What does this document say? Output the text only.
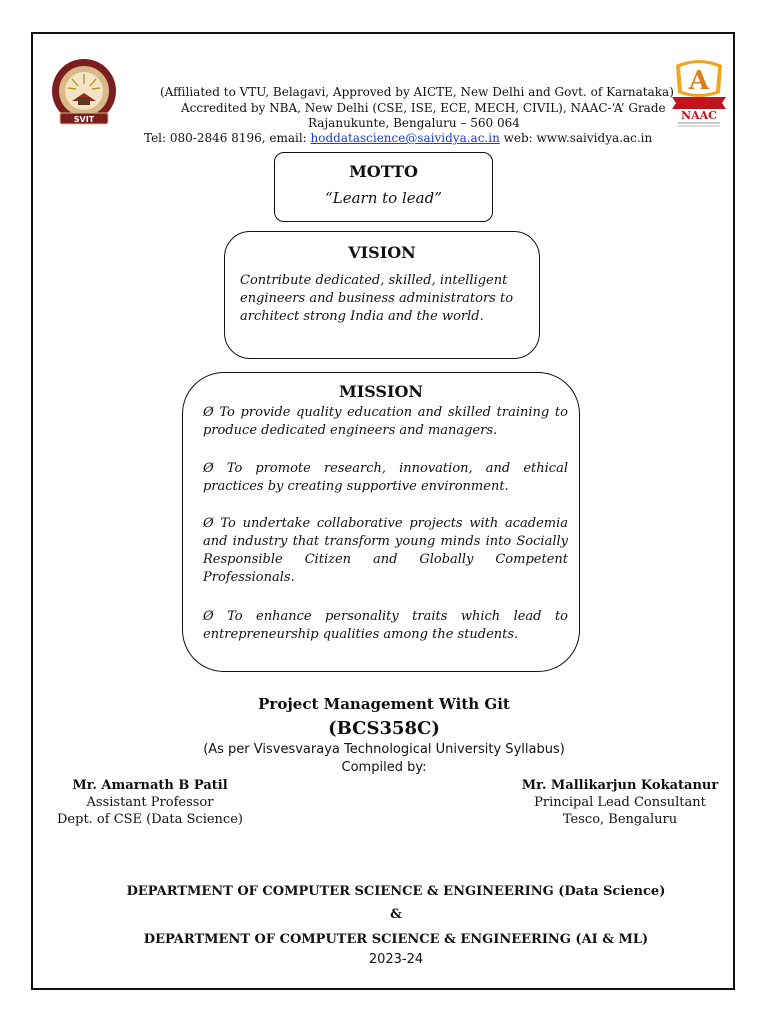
SVIT
A
NAAC
(Affiliated to VTU, Belagavi, Approved by AICTE, New Delhi and Govt. of Karnataka)
Accredited by NBA, New Delhi (CSE, ISE, ECE, MECH, CIVIL), NAAC-‘A’ Grade
Rajanukunte, Bengaluru – 560 064
Tel: 080-2846 8196, email: hoddatascience@saividya.ac.in web: www.saividya.ac.in
MOTTO
“Learn to lead”
VISION
Contribute dedicated, skilled, intelligent engineers and business administrators to architect strong India and the world.
MISSION
Ø To provide quality education and skilled training to produce dedicated engineers and managers.
Ø To promote research, innovation, and ethical practices by creating supportive environment.
Ø To undertake collaborative projects with academia and industry that transform young minds into Socially Responsible Citizen and Globally Competent Professionals.
Ø To enhance personality traits which lead to entrepreneurship qualities among the students.
Project Management With Git
(BCS358C)
(As per Visvesvaraya Technological University Syllabus)
Compiled by:
Mr. Amarnath B Patil
Assistant Professor
Dept. of CSE (Data Science)
Mr. Mallikarjun Kokatanur
Principal Lead Consultant
Tesco, Bengaluru
DEPARTMENT OF COMPUTER SCIENCE & ENGINEERING (Data Science)
&
DEPARTMENT OF COMPUTER SCIENCE & ENGINEERING (AI & ML)
2023-24
